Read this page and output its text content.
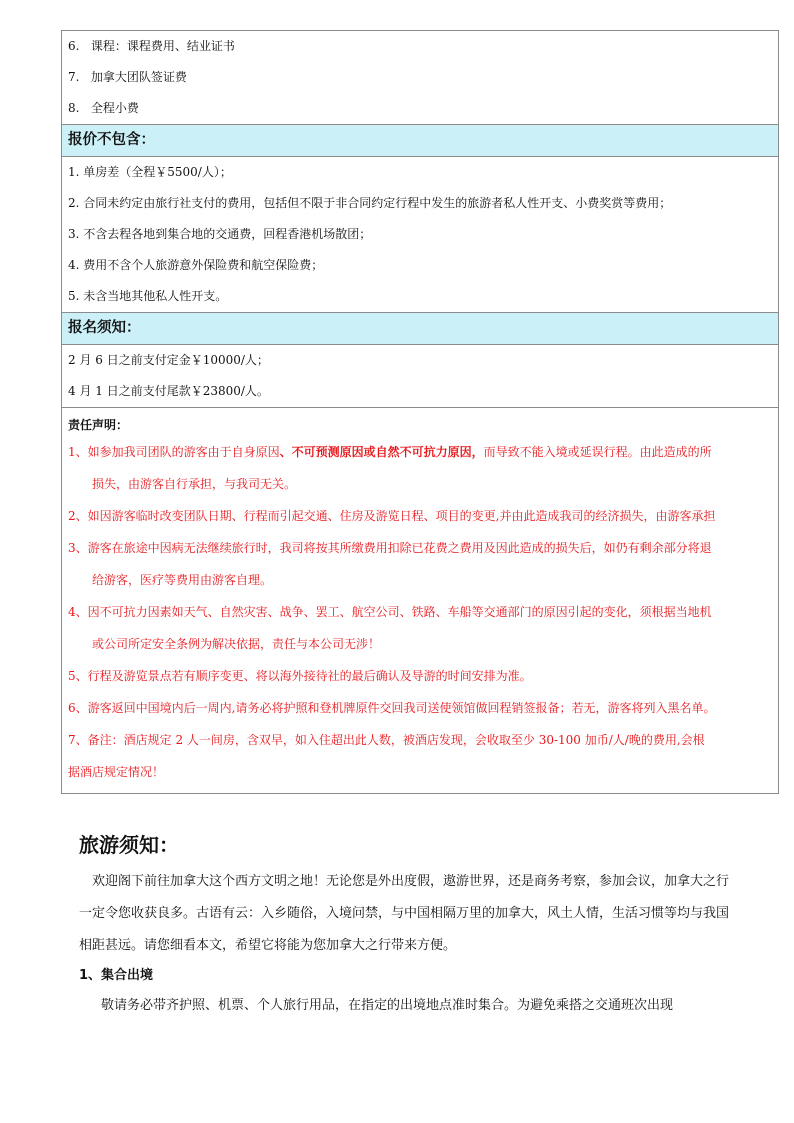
6.   课程：课程费用、结业证书
7.   加拿大团队签证费
8.   全程小费
报价不包含：
1. 单房差（全程￥5500/人）；
2. 合同未约定由旅行社支付的费用，包括但不限于非合同约定行程中发生的旅游者私人性开支、小费奖赏等费用；
3. 不含去程各地到集合地的交通费，回程香港机场散团；
4. 费用不含个人旅游意外保险费和航空保险费；
5. 未含当地其他私人性开支。
报名须知：
2 月 6 日之前支付定金￥10000/人；
4 月 1 日之前支付尾款￥23800/人。
责任声明：
1、如参加我司团队的游客由于自身原因、不可预测原因或自然不可抗力原因，而导致不能入境或延误行程。由此造成的所
损失，由游客自行承担，与我司无关。
2、如因游客临时改变团队日期、行程而引起交通、住房及游览日程、项目的变更,并由此造成我司的经济损失，由游客承担
3、游客在旅途中因病无法继续旅行时，我司将按其所缴费用扣除已花费之费用及因此造成的损失后，如仍有剩余部分将退
给游客，医疗等费用由游客自理。
4、因不可抗力因素如天气、自然灾害、战争、罢工、航空公司、铁路、车船等交通部门的原因引起的变化，须根据当地机
或公司所定安全条例为解决依据，责任与本公司无涉！
5、行程及游览景点若有顺序变更、将以海外接待社的最后确认及导游的时间安排为准。
6、游客返回中国境内后一周内,请务必将护照和登机牌原件交回我司送使领馆做回程销签报备；若无，游客将列入黑名单。
7、备注：酒店规定 2 人一间房，含双早，如入住超出此人数，被酒店发现，会收取至少 30-100 加币/人/晚的费用,会根
据酒店规定情况！
旅游须知：

欢迎阁下前往加拿大这个西方文明之地！无论您是外出度假，遨游世界，还是商务考察，参加会议，加拿大之行一定令您收获良多。古语有云：入乡随俗，入境问禁，与中国相隔万里的加拿大，风土人情，生活习惯等均与我国相距甚远。请您细看本文，希望它将能为您加拿大之行带来方便。

1、集合出境
敬请务必带齐护照、机票、个人旅行用品，在指定的出境地点准时集合。为避免乘搭之交通班次出现
